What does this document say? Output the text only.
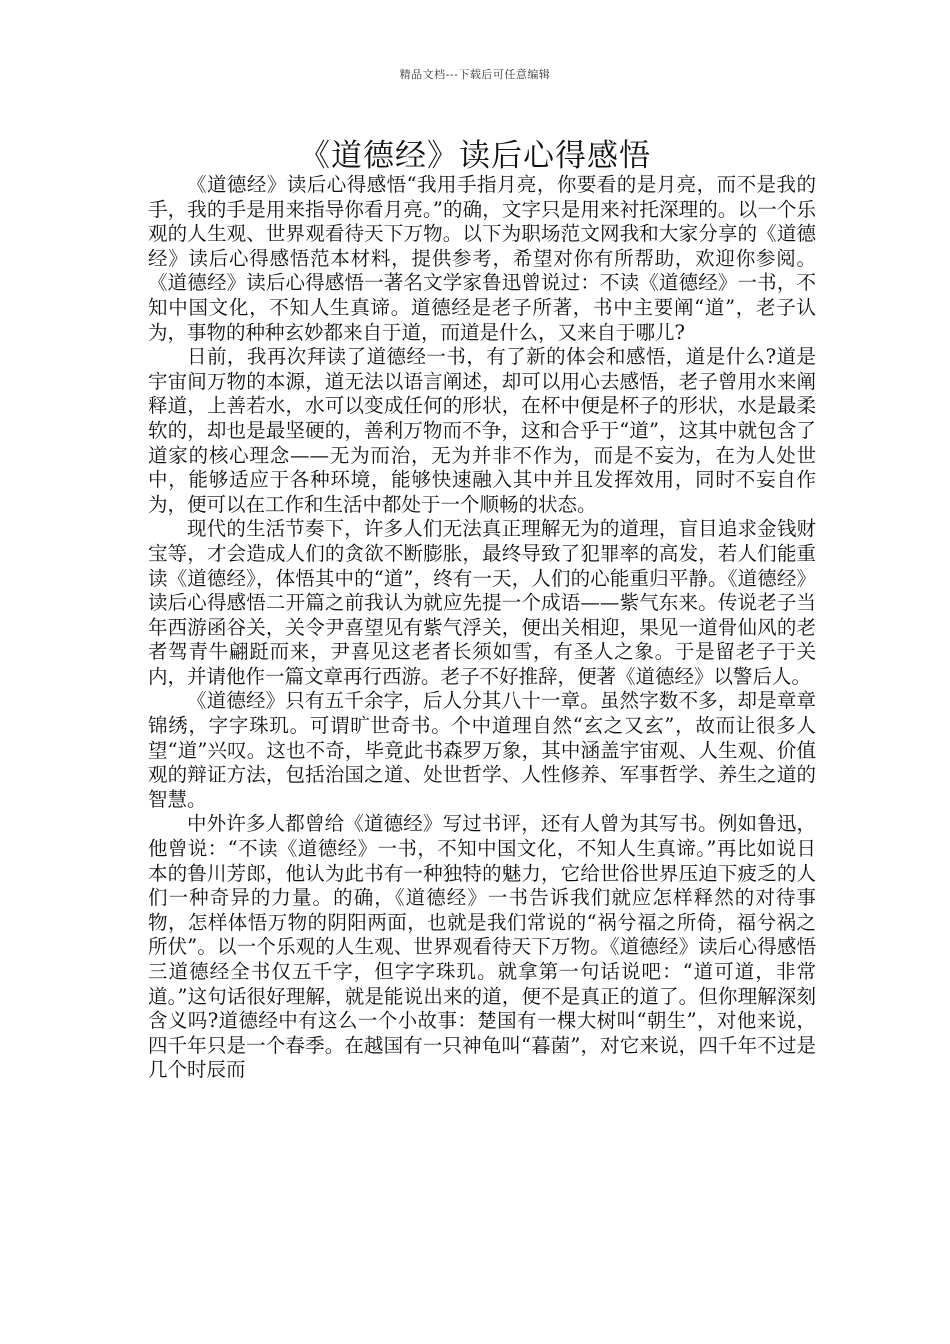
精品文档---下载后可任意编辑
《道德经》读后心得感悟

《道德经》读后心得感悟“我用手指月亮，你要看的是月亮，而不是我的手，我的手是用来指导你看月亮。”的确，文字只是用来衬托深理的。以一个乐观的人生观、世界观看待天下万物。以下为职场范文网我和大家分享的《道德经》读后心得感悟范本材料，提供参考，希望对你有所帮助，欢迎你参阅。《道德经》读后心得感悟一著名文学家鲁迅曾说过：不读《道德经》一书，不知中国文化，不知人生真谛。道德经是老子所著，书中主要阐“道”，老子认为，事物的种种玄妙都来自于道，而道是什么，又来自于哪儿?

日前，我再次拜读了道德经一书，有了新的体会和感悟，道是什么?道是宇宙间万物的本源，道无法以语言阐述，却可以用心去感悟，老子曾用水来阐释道，上善若水，水可以变成任何的形状，在杯中便是杯子的形状，水是最柔软的，却也是最坚硬的，善利万物而不争，这和合乎于“道”，这其中就包含了道家的核心理念——无为而治，无为并非不作为，而是不妄为，在为人处世中，能够适应于各种环境，能够快速融入其中并且发挥效用，同时不妄自作为，便可以在工作和生活中都处于一个顺畅的状态。

现代的生活节奏下，许多人们无法真正理解无为的道理，盲目追求金钱财宝等，才会造成人们的贪欲不断膨胀，最终导致了犯罪率的高发，若人们能重读《道德经》，体悟其中的“道”，终有一天，人们的心能重归平静。《道德经》读后心得感悟二开篇之前我认为就应先提一个成语——紫气东来。传说老子当年西游函谷关，关令尹喜望见有紫气浮关，便出关相迎，果见一道骨仙风的老者驾青牛翩跹而来，尹喜见这老者长须如雪，有圣人之象。于是留老子于关内，并请他作一篇文章再行西游。老子不好推辞，便著《道德经》以警后人。

《道德经》只有五千余字，后人分其八十一章。虽然字数不多，却是章章锦绣，字字珠玑。可谓旷世奇书。个中道理自然“玄之又玄”，故而让很多人望“道”兴叹。这也不奇，毕竟此书森罗万象，其中涵盖宇宙观、人生观、价值观的辩证方法，包括治国之道、处世哲学、人性修养、军事哲学、养生之道的智慧。

中外许多人都曾给《道德经》写过书评，还有人曾为其写书。例如鲁迅，他曾说：“不读《道德经》一书，不知中国文化，不知人生真谛。”再比如说日本的鲁川芳郎，他认为此书有一种独特的魅力，它给世俗世界压迫下疲乏的人们一种奇异的力量。的确，《道德经》一书告诉我们就应怎样释然的对待事物，怎样体悟万物的阴阳两面，也就是我们常说的“祸兮福之所倚，福兮祸之所伏”。以一个乐观的人生观、世界观看待天下万物。《道德经》读后心得感悟三道德经全书仅五千字，但字字珠玑。就拿第一句话说吧：“道可道，非常道。”这句话很好理解，就是能说出来的道，便不是真正的道了。但你理解深刻含义吗?道德经中有这么一个小故事：楚国有一棵大树叫“朝生”，对他来说，四千年只是一个春季。在越国有一只神龟叫“暮菌”，对它来说，四千年不过是几个时辰而
